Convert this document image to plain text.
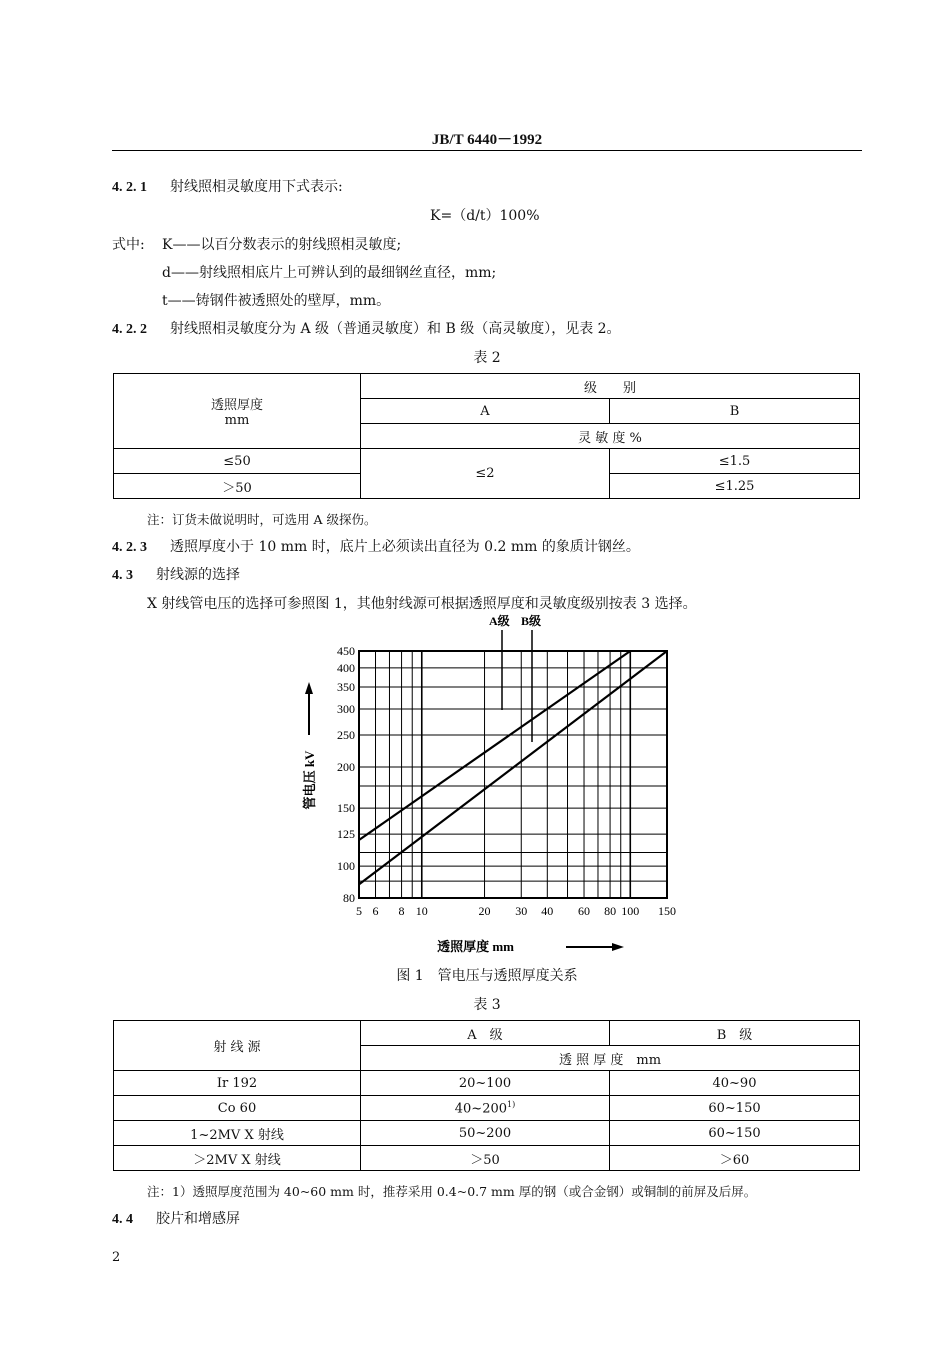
JB/T 6440－1992
4. 2. 1 射线照相灵敏度用下式表示:
K=（d/t）100%
式中: K——以百分数表示的射线照相灵敏度;
d——射线照相底片上可辨认到的最细钢丝直径，mm;
t——铸钢件被透照处的壁厚，mm。
4. 2. 2 射线照相灵敏度分为 A 级（普通灵敏度）和 B 级（高灵敏度），见表 2。
表 2
透照厚度
mm	级　　别	
	A	B
	灵 敏 度 %	
≤50	≤2	≤1.5
＞50		≤1.25
注：订货未做说明时，可选用 A 级探伤。
4. 2. 3 透照厚度小于 10 mm 时，底片上必须读出直径为 0.2 mm 的象质计钢丝。
4. 3 射线源的选择
X 射线管电压的选择可参照图 1，其他射线源可根据透照厚度和灵敏度级别按表 3 选择。
80
100
125
150
200
250
300
350
400
450
5 6 8 10	20 30 40 60 80 100 150
A级 B级
管电压 kV
透照厚度 mm
图 1　管电压与透照厚度关系
表 3
射 线 源	A　级	B　级
	透 照 厚 度　mm	
Ir 192	20~100	40~90
Co 60	40~200$^{1)}$	60~150
1~2MV X 射线	50~200	60~150
＞2MV X 射线	＞50	＞60
注：1）透照厚度范围为 40~60 mm 时，推荐采用 0.4~0.7 mm 厚的钢（或合金钢）或铜制的前屏及后屏。
4. 4 胶片和增感屏
2
